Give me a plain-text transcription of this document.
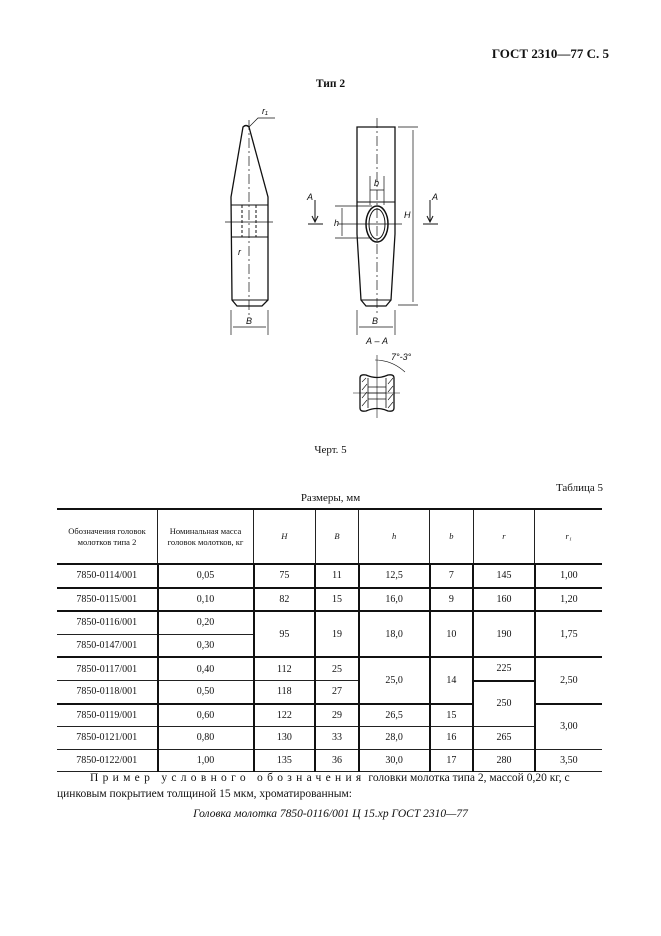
ГОСТ 2310—77 С. 5
Тип 2
r₁
r
B
A	A
h
b
H
B
А – А
7°-3°
Черт. 5
Таблица 5
Размеры, мм
Обозначения головок молотков типа 2	Номинальная масса головок молотков, кг	H	B	h	b	r	r₁
7850-0114/001	0,05	75	11	12,5	7	145	1,00
7850-0115/001	0,10	82	15	16,0	9	160	1,20
7850-0116/001	0,20	95	19	18,0	10	190	1,75
7850-0147/001	0,30						
7850-0117/001	0,40	112	25	25,0	14	225	2,50
7850-0118/001	0,50	118	27			250	
7850-0119/001	0,60	122	29	26,5	15		3,00
7850-0121/001	0,80	130	33	28,0	16	265	
7850-0122/001	1,00	135	36	30,0	17	280	3,50
Пример условного обозначения головки молотка типа 2, массой 0,20 кг, с
цинковым покрытием толщиной 15 мкм, хроматированным:
Головка молотка 7850-0116/001 Ц 15.хр ГОСТ 2310—77
